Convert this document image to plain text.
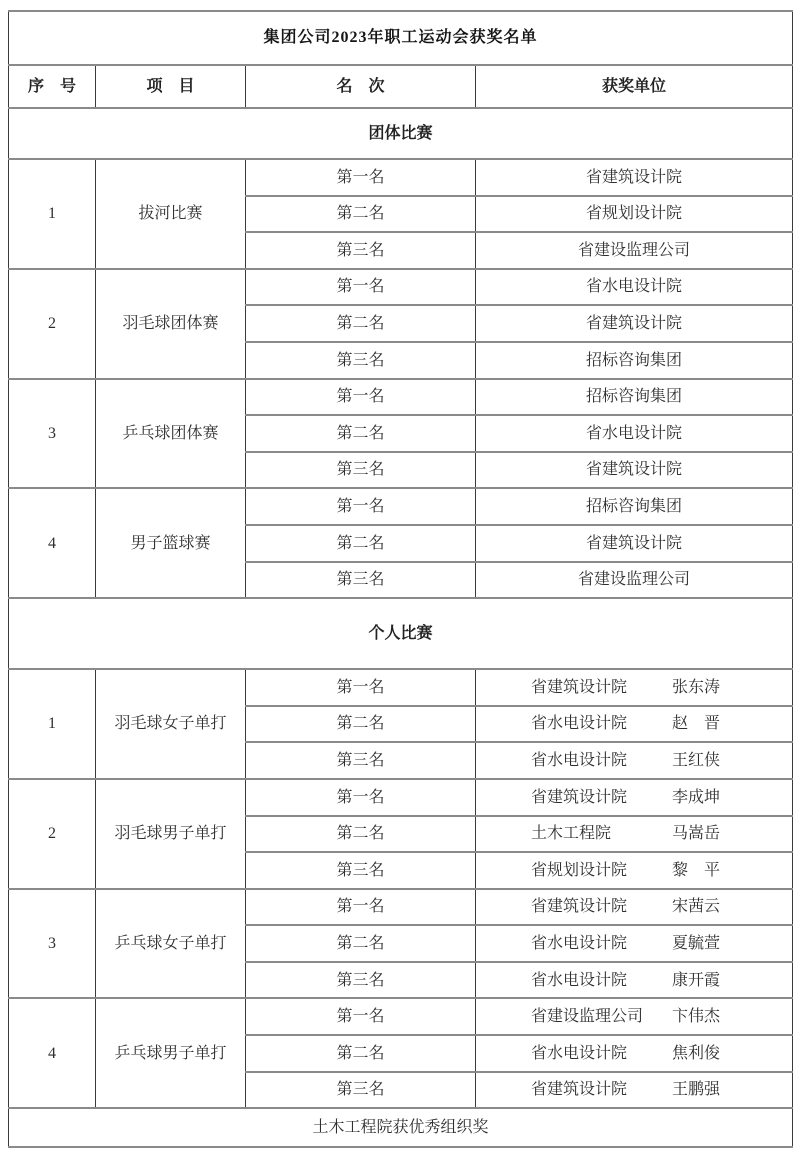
集团公司2023年职工运动会获奖名单			
序　号	项　目	名　次	获奖单位
团体比赛			
1	拔河比赛	第一名	省建筑设计院
		第二名	省规划设计院
		第三名	省建设监理公司
2	羽毛球团体赛	第一名	省水电设计院
		第二名	省建筑设计院
		第三名	招标咨询集团
3	乒乓球团体赛	第一名	招标咨询集团
		第二名	省水电设计院
		第三名	省建筑设计院
4	男子篮球赛	第一名	招标咨询集团
		第二名	省建筑设计院
		第三名	省建设监理公司
个人比赛			
1	羽毛球女子单打	第一名	省建筑设计院 张东涛

		第二名	省水电设计院 赵　晋

		第三名	省水电设计院 王红侠

2	羽毛球男子单打	第一名	省建筑设计院 李成坤

		第二名	土木工程院 马嵩岳

		第三名	省规划设计院 黎　平

3	乒乓球女子单打	第一名	省建筑设计院 宋茜云

		第二名	省水电设计院 夏毓萱

		第三名	省水电设计院 康开霞

4	乒乓球男子单打	第一名	省建设监理公司 卞伟杰

		第二名	省水电设计院 焦利俊

		第三名	省建筑设计院 王鹏强

土木工程院获优秀组织奖			
